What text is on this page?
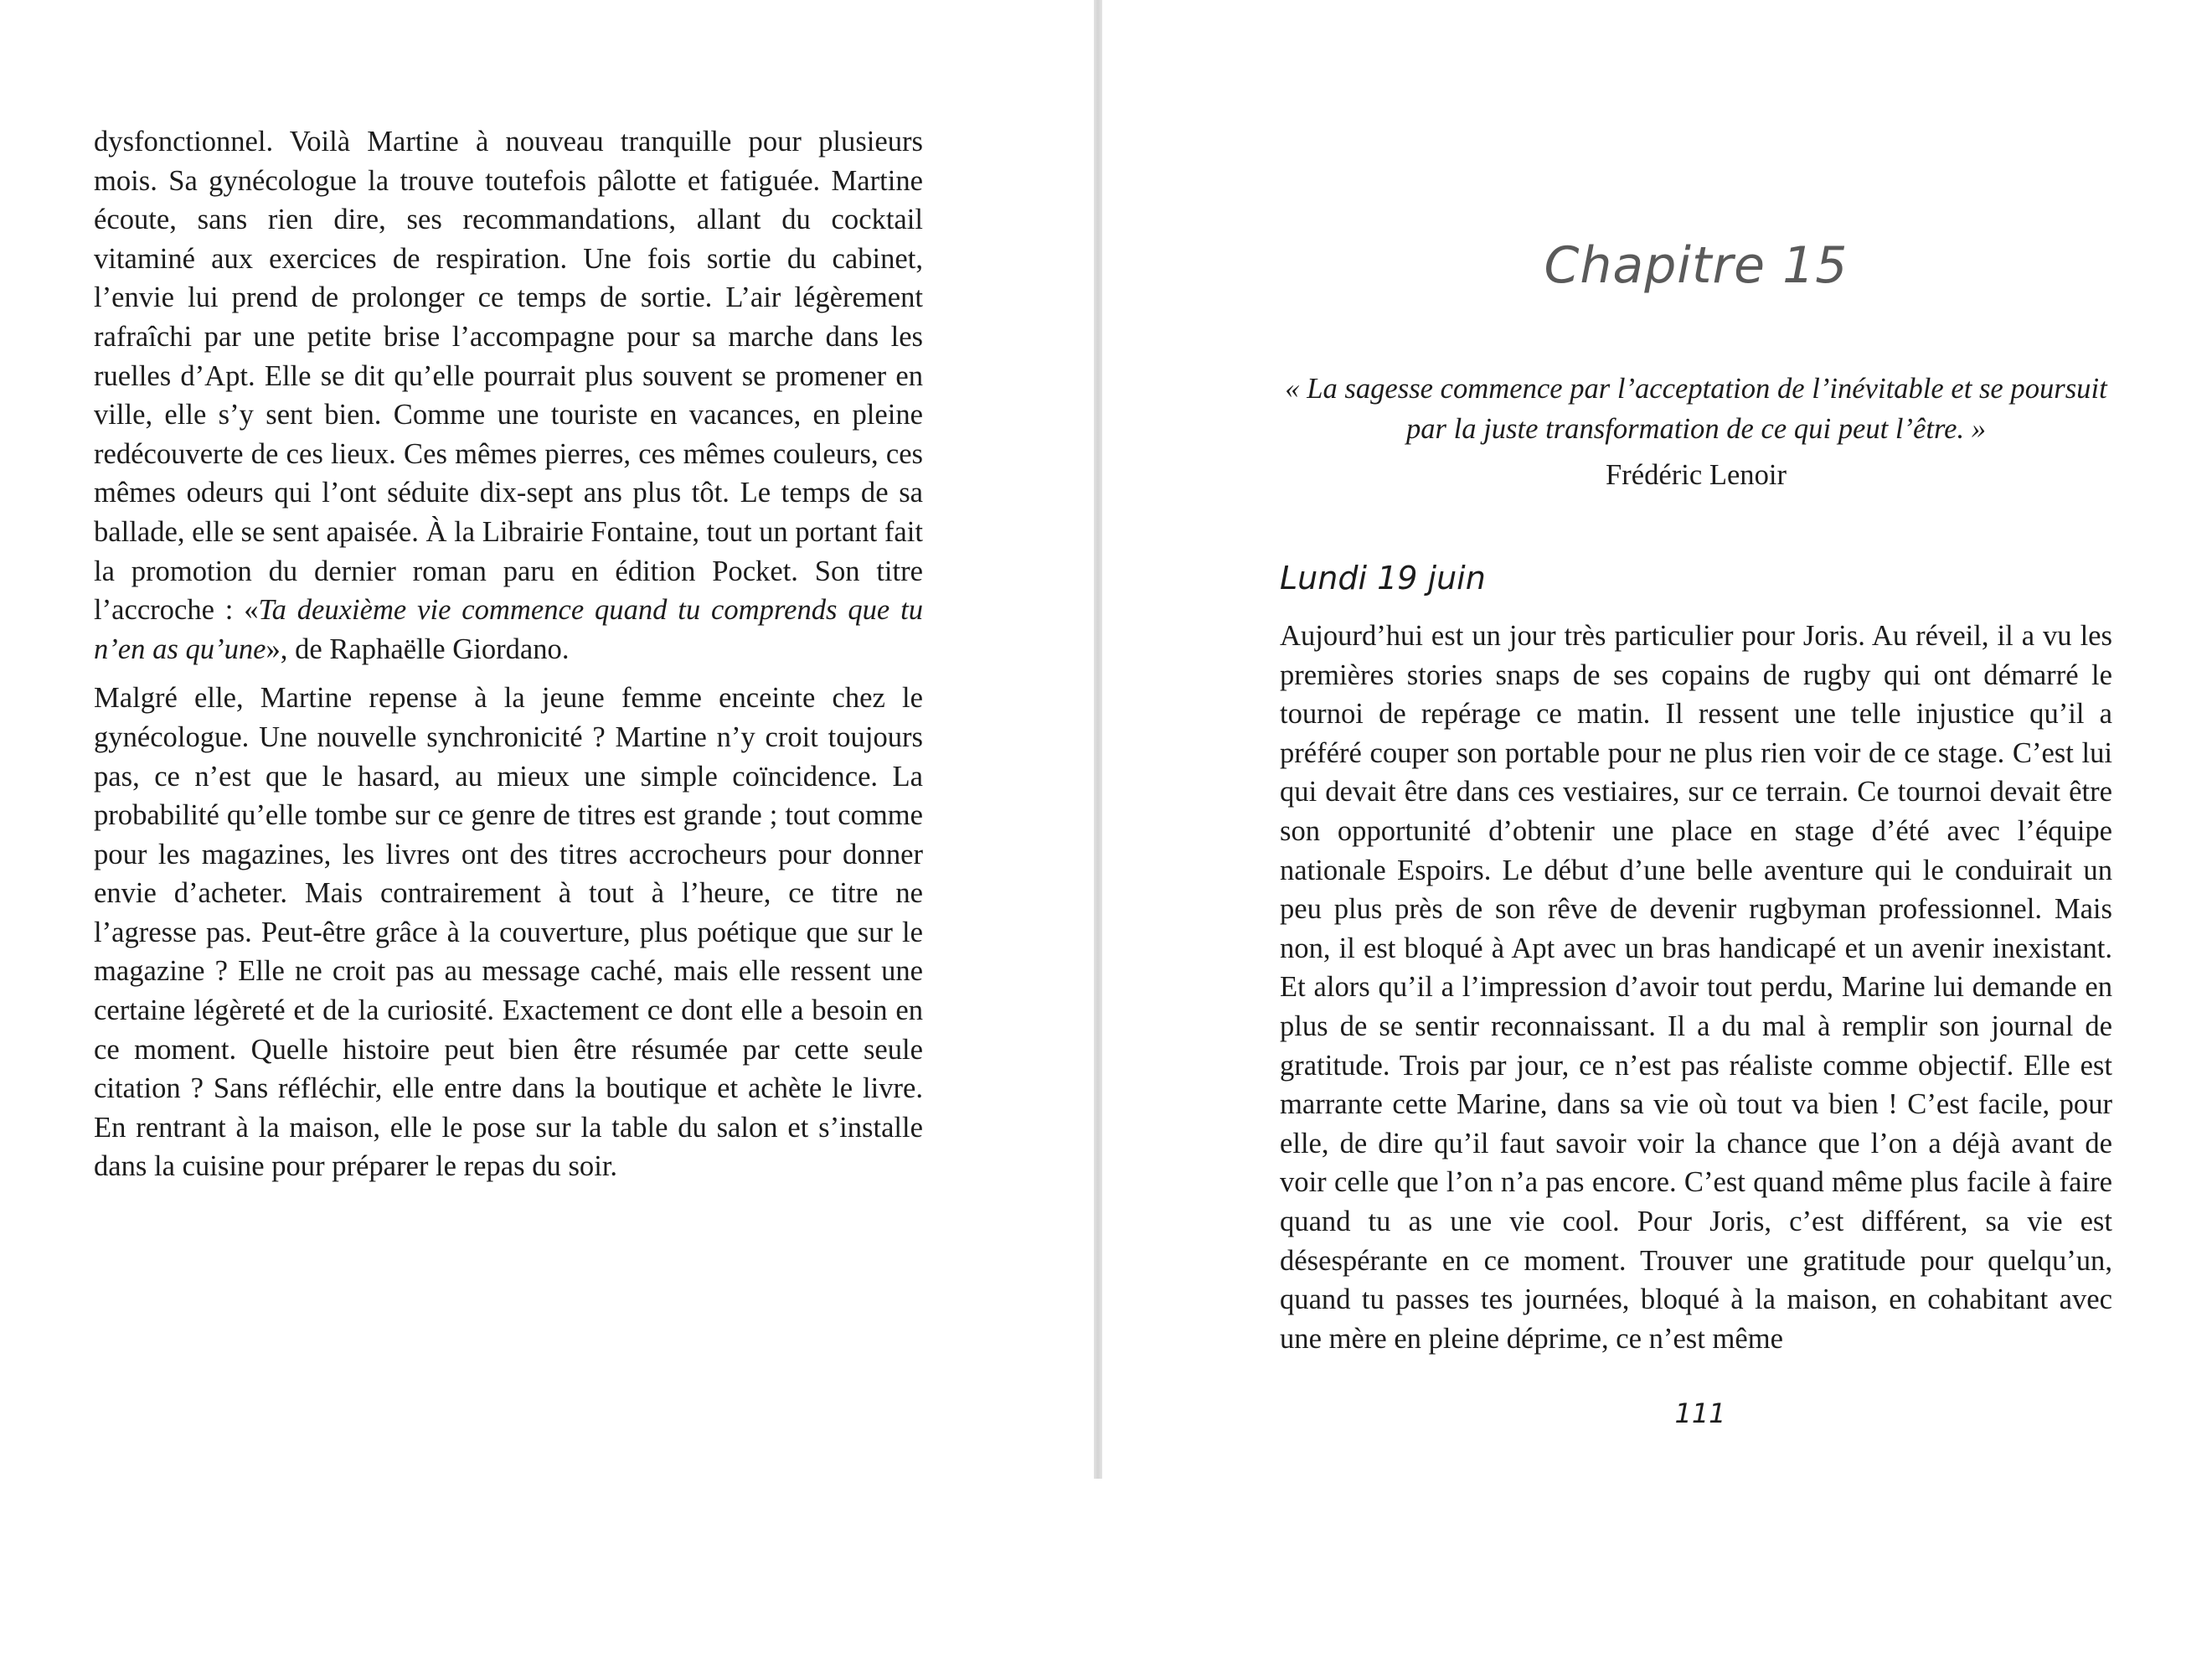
dysfonctionnel. Voilà Martine à nouveau tranquille pour plusieurs mois. Sa gynécologue la trouve toutefois pâlotte et fatiguée. Martine écoute, sans rien dire, ses recommandations, allant du cocktail vitaminé aux exercices de respiration. Une fois sortie du cabinet, l’envie lui prend de prolonger ce temps de sortie. L’air légèrement rafraîchi par une petite brise l’accompagne pour sa marche dans les ruelles d’Apt. Elle se dit qu’elle pourrait plus souvent se promener en ville, elle s’y sent bien. Comme une touriste en vacances, en pleine redécouverte de ces lieux. Ces mêmes pierres, ces mêmes couleurs, ces mêmes odeurs qui l’ont séduite dix-sept ans plus tôt. Le temps de sa ballade, elle se sent apaisée. À la Librairie Fontaine, tout un portant fait la promotion du dernier roman paru en édition Pocket. Son titre l’accroche : «Ta deuxième vie commence quand tu comprends que tu n’en as qu’une», de Raphaëlle Giordano.

Malgré elle, Martine repense à la jeune femme enceinte chez le gynécologue. Une nouvelle synchronicité ? Martine n’y croit toujours pas, ce n’est que le hasard, au mieux une simple coïncidence. La probabilité qu’elle tombe sur ce genre de titres est grande ; tout comme pour les magazines, les livres ont des titres accrocheurs pour donner envie d’acheter. Mais contrairement à tout à l’heure, ce titre ne l’agresse pas. Peut-être grâce à la couverture, plus poétique que sur le magazine ? Elle ne croit pas au message caché, mais elle ressent une certaine légèreté et de la curiosité. Exactement ce dont elle a besoin en ce moment. Quelle histoire peut bien être résumée par cette seule citation ? Sans réfléchir, elle entre dans la boutique et achète le livre. En rentrant à la maison, elle le pose sur la table du salon et s’installe dans la cuisine pour préparer le repas du soir.

Chapitre 15

« La sagesse commence par l’acceptation de l’inévitable et se poursuit par la juste transformation de ce qui peut l’être. »

Frédéric Lenoir
Lundi 19 juin

Aujourd’hui est un jour très particulier pour Joris. Au réveil, il a vu les premières stories snaps de ses copains de rugby qui ont démarré le tournoi de repérage ce matin. Il ressent une telle injustice qu’il a préféré couper son portable pour ne plus rien voir de ce stage. C’est lui qui devait être dans ces vestiaires, sur ce terrain. Ce tournoi devait être son opportunité d’obtenir une place en stage d’été avec l’équipe nationale Espoirs. Le début d’une belle aventure qui le conduirait un peu plus près de son rêve de devenir rugbyman professionnel. Mais non, il est bloqué à Apt avec un bras handicapé et un avenir inexistant. Et alors qu’il a l’impression d’avoir tout perdu, Marine lui demande en plus de se sentir reconnaissant. Il a du mal à remplir son journal de gratitude. Trois par jour, ce n’est pas réaliste comme objectif. Elle est marrante cette Marine, dans sa vie où tout va bien ! C’est facile, pour elle, de dire qu’il faut savoir voir la chance que l’on a déjà avant de voir celle que l’on n’a pas encore. C’est quand même plus facile à faire quand tu as une vie cool. Pour Joris, c’est différent, sa vie est désespérante en ce moment. Trouver une gratitude pour quelqu’un, quand tu passes tes journées, bloqué à la maison, en cohabitant avec une mère en pleine déprime, ce n’est même

111
